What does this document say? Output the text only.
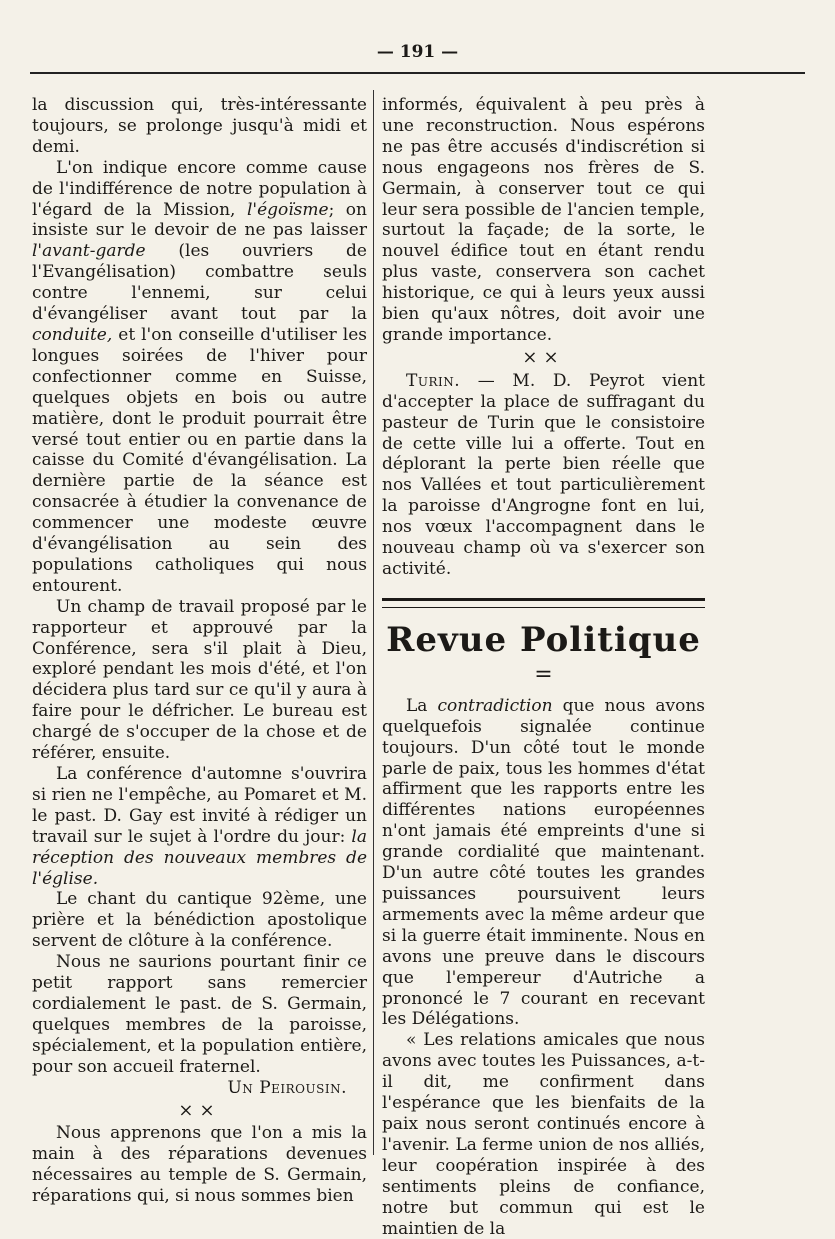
— 191 —

la discussion qui, très-intéressante toujours, se prolonge jusqu'à midi et demi.

L'on indique encore comme cause de l'indifférence de notre population à l'égard de la Mission, l'égoïsme; on insiste sur le devoir de ne pas laisser l'avant-garde (les ouvriers de l'Evangélisation) combattre seuls contre l'ennemi, sur celui d'évangéliser avant tout par la conduite, et l'on conseille d'utiliser les longues soirées de l'hiver pour confectionner comme en Suisse, quelques objets en bois ou autre matière, dont le produit pourrait être versé tout entier ou en partie dans la caisse du Comité d'évangélisation. La dernière partie de la séance est consacrée à étudier la convenance de commencer une modeste œuvre d'évangélisation au sein des populations catholiques qui nous entourent.

Un champ de travail proposé par le rapporteur et approuvé par la Conférence, sera s'il plait à Dieu, exploré pendant les mois d'été, et l'on décidera plus tard sur ce qu'il y aura à faire pour le défricher. Le bureau est chargé de s'occuper de la chose et de référer, ensuite.

La conférence d'automne s'ouvrira si rien ne l'empêche, au Pomaret et M. le past. D. Gay est invité à rédiger un travail sur le sujet à l'ordre du jour: la réception des nouveaux membres de l'église.

Le chant du cantique 92ème, une prière et la bénédiction apostolique servent de clôture à la conférence.

Nous ne saurions pourtant finir ce petit rapport sans remercier cordialement le past. de S. Germain, quelques membres de la paroisse, spécialement, et la population entière, pour son accueil fraternel.

Un Peirousin.

××

Nous apprenons que l'on a mis la main à des réparations devenues nécessaires au temple de S. Germain, réparations qui, si nous sommes bien

informés, équivalent à peu près à une reconstruction. Nous espérons ne pas être accusés d'indiscrétion si nous engageons nos frères de S. Germain, à conserver tout ce qui leur sera possible de l'ancien temple, surtout la façade; de la sorte, le nouvel édifice tout en étant rendu plus vaste, conservera son cachet historique, ce qui à leurs yeux aussi bien qu'aux nôtres, doit avoir une grande importance.

××

Turin. — M. D. Peyrot vient d'accepter la place de suffragant du pasteur de Turin que le consistoire de cette ville lui a offerte. Tout en déplorant la perte bien réelle que nos Vallées et tout particulièrement la paroisse d'Angrogne font en lui, nos vœux l'accompagnent dans le nouveau champ où va s'exercer son activité.

Revue Politique

=

La contradiction que nous avons quelquefois signalée continue toujours. D'un côté tout le monde parle de paix, tous les hommes d'état affirment que les rapports entre les différentes nations européennes n'ont jamais été empreints d'une si grande cordialité que maintenant. D'un autre côté toutes les grandes puissances poursuivent leurs armements avec la même ardeur que si la guerre était imminente. Nous en avons une preuve dans le discours que l'empereur d'Autriche a prononcé le 7 courant en recevant les Délégations.

« Les relations amicales que nous avons avec toutes les Puissances, a-t-il dit, me confirment dans l'espérance que les bienfaits de la paix nous seront continués encore à l'avenir. La ferme union de nos alliés, leur coopération inspirée à des sentiments pleins de confiance, notre but commun qui est le maintien de la
